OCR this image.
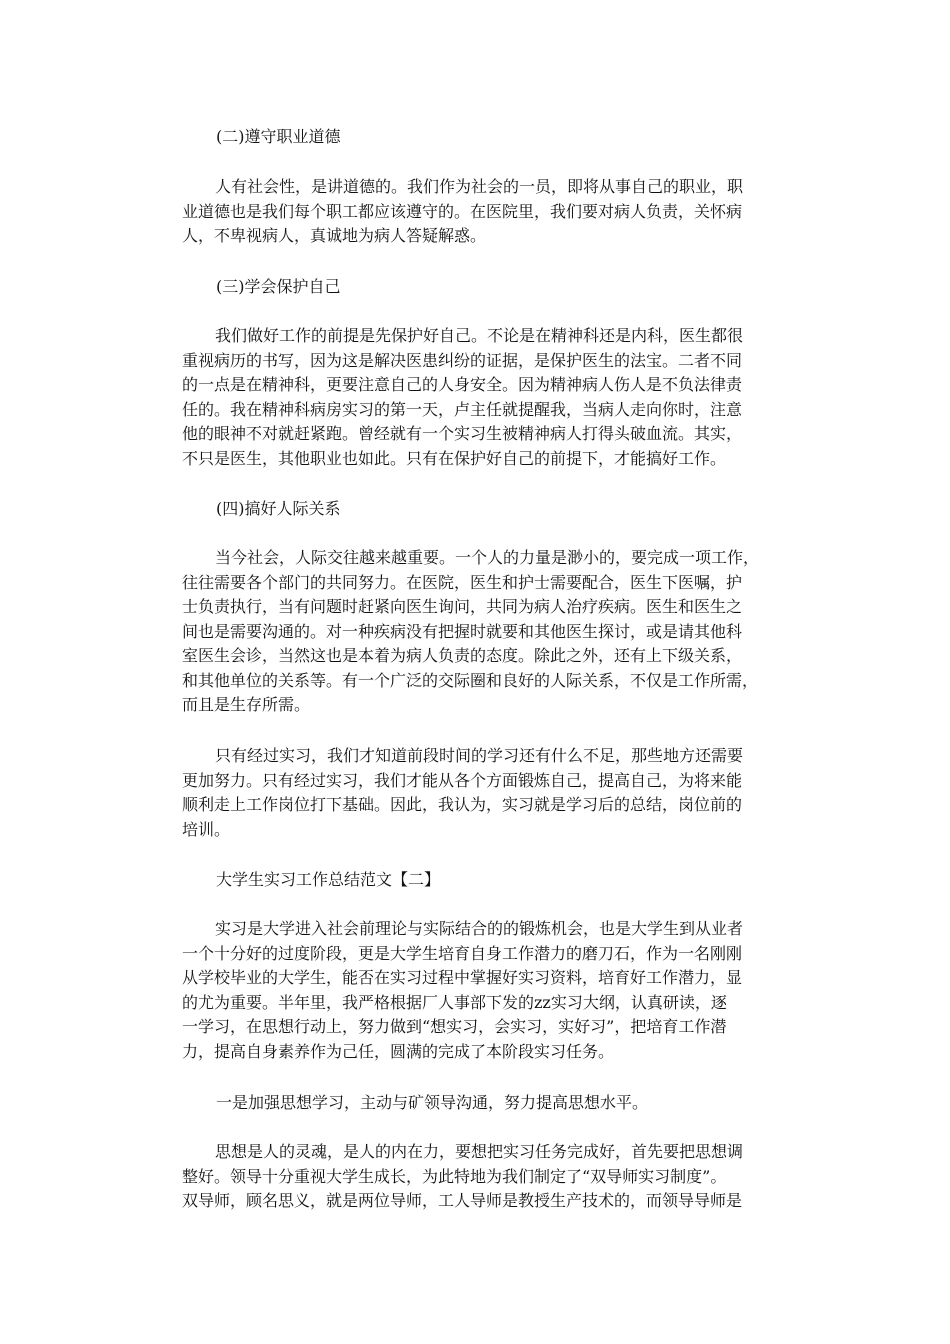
(二)遵守职业道德
人有社会性，是讲道德的。我们作为社会的一员，即将从事自己的职业，职
业道德也是我们每个职工都应该遵守的。在医院里，我们要对病人负责，关怀病
人，不卑视病人，真诚地为病人答疑解惑。
(三)学会保护自己
我们做好工作的前提是先保护好自己。不论是在精神科还是内科，医生都很
重视病历的书写，因为这是解决医患纠纷的证据，是保护医生的法宝。二者不同
的一点是在精神科，更要注意自己的人身安全。因为精神病人伤人是不负法律责
任的。我在精神科病房实习的第一天，卢主任就提醒我，当病人走向你时，注意
他的眼神不对就赶紧跑。曾经就有一个实习生被精神病人打得头破血流。其实，
不只是医生，其他职业也如此。只有在保护好自己的前提下，才能搞好工作。
(四)搞好人际关系
当今社会，人际交往越来越重要。一个人的力量是渺小的，要完成一项工作，
往往需要各个部门的共同努力。在医院，医生和护士需要配合，医生下医嘱，护
士负责执行，当有问题时赶紧向医生询问，共同为病人治疗疾病。医生和医生之
间也是需要沟通的。对一种疾病没有把握时就要和其他医生探讨，或是请其他科
室医生会诊，当然这也是本着为病人负责的态度。除此之外，还有上下级关系，
和其他单位的关系等。有一个广泛的交际圈和良好的人际关系，不仅是工作所需，
而且是生存所需。
只有经过实习，我们才知道前段时间的学习还有什么不足，那些地方还需要
更加努力。只有经过实习，我们才能从各个方面锻炼自己，提高自己，为将来能
顺利走上工作岗位打下基础。因此，我认为，实习就是学习后的总结，岗位前的
培训。
大学生实习工作总结范文【二】
实习是大学进入社会前理论与实际结合的的锻炼机会，也是大学生到从业者
一个十分好的过度阶段，更是大学生培育自身工作潜力的磨刀石，作为一名刚刚
从学校毕业的大学生，能否在实习过程中掌握好实习资料，培育好工作潜力，显
的尤为重要。半年里，我严格根据厂人事部下发的zz实习大纲，认真研读，逐
一学习，在思想行动上，努力做到“想实习，会实习，实好习”，把培育工作潜
力，提高自身素养作为己任，圆满的完成了本阶段实习任务。
一是加强思想学习，主动与矿领导沟通，努力提高思想水平。
思想是人的灵魂，是人的内在力，要想把实习任务完成好，首先要把思想调
整好。领导十分重视大学生成长，为此特地为我们制定了“双导师实习制度”。
双导师，顾名思义，就是两位导师，工人导师是教授生产技术的，而领导导师是
